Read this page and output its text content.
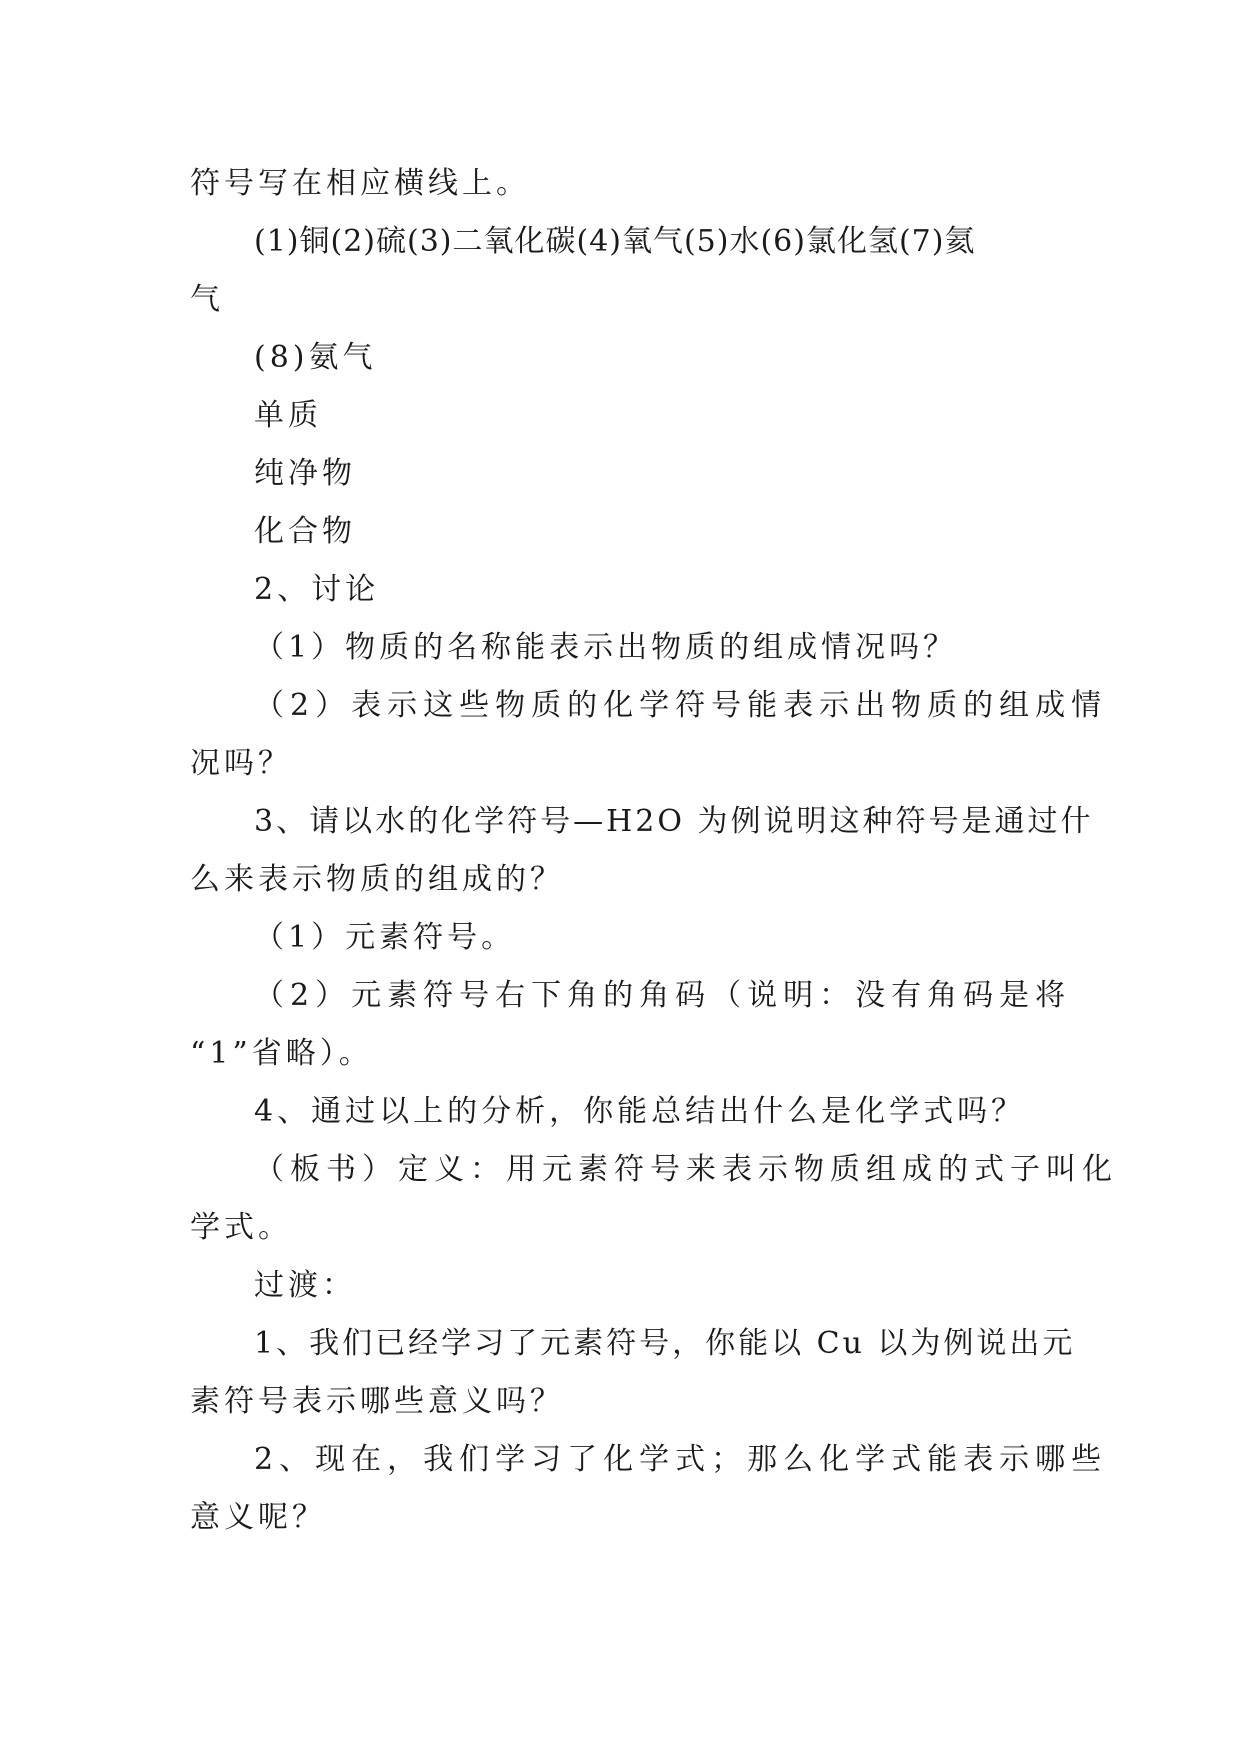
符号写在相应横线上。
(1)铜(2)硫(3)二氧化碳(4)氧气(5)水(6)氯化氢(7)氦
气
(8)氨气
单质
纯净物
化合物
2、讨论
（1）物质的名称能表示出物质的组成情况吗？
（2）表示这些物质的化学符号能表示出物质的组成情
况吗？
3、请以水的化学符号—H2O 为例说明这种符号是通过什
么来表示物质的组成的？
（1）元素符号。
（2）元素符号右下角的角码（说明：没有角码是将
“1”省略）。
4、通过以上的分析，你能总结出什么是化学式吗？
（板书）定义：用元素符号来表示物质组成的式子叫化
学式。
过渡：
1、我们已经学习了元素符号，你能以 Cu 以为例说出元
素符号表示哪些意义吗？
2、现在，我们学习了化学式；那么化学式能表示哪些
意义呢？
